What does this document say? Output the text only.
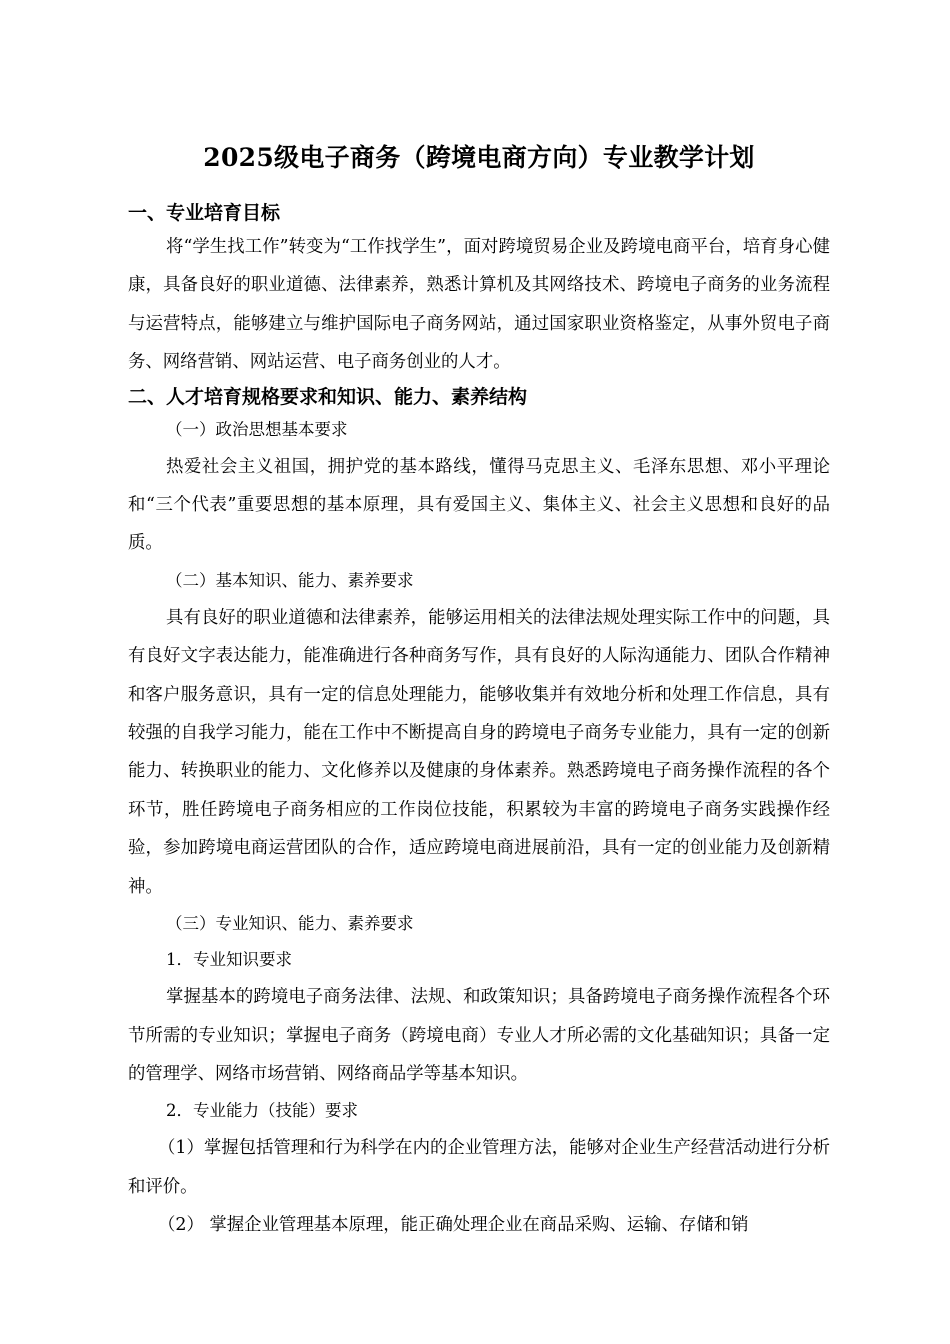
2025级电子商务（跨境电商方向）专业教学计划
一、专业培育目标

将“学生找工作”转变为“工作找学生”，面对跨境贸易企业及跨境电商平台，培育身心健康，具备良好的职业道德、法律素养，熟悉计算机及其网络技术、跨境电子商务的业务流程与运营特点，能够建立与维护国际电子商务网站，通过国家职业资格鉴定，从事外贸电子商务、网络营销、网站运营、电子商务创业的人才。

二、人才培育规格要求和知识、能力、素养结构

（一）政治思想基本要求

热爱社会主义祖国，拥护党的基本路线，懂得马克思主义、毛泽东思想、邓小平理论和“三个代表”重要思想的基本原理，具有爱国主义、集体主义、社会主义思想和良好的品质。

（二）基本知识、能力、素养要求

具有良好的职业道德和法律素养，能够运用相关的法律法规处理实际工作中的问题，具有良好文字表达能力，能准确进行各种商务写作，具有良好的人际沟通能力、团队合作精神和客户服务意识，具有一定的信息处理能力，能够收集并有效地分析和处理工作信息，具有较强的自我学习能力，能在工作中不断提高自身的跨境电子商务专业能力，具有一定的创新能力、转换职业的能力、文化修养以及健康的身体素养。熟悉跨境电子商务操作流程的各个环节，胜任跨境电子商务相应的工作岗位技能，积累较为丰富的跨境电子商务实践操作经验，参加跨境电商运营团队的合作，适应跨境电商进展前沿，具有一定的创业能力及创新精神。

（三）专业知识、能力、素养要求

1．专业知识要求

掌握基本的跨境电子商务法律、法规、和政策知识；具备跨境电子商务操作流程各个环节所需的专业知识；掌握电子商务（跨境电商）专业人才所必需的文化基础知识；具备一定的管理学、网络市场营销、网络商品学等基本知识。

2．专业能力（技能）要求

（1）掌握包括管理和行为科学在内的企业管理方法，能够对企业生产经营活动进行分析和评价。

（2） 掌握企业管理基本原理，能正确处理企业在商品采购、运输、存储和销
